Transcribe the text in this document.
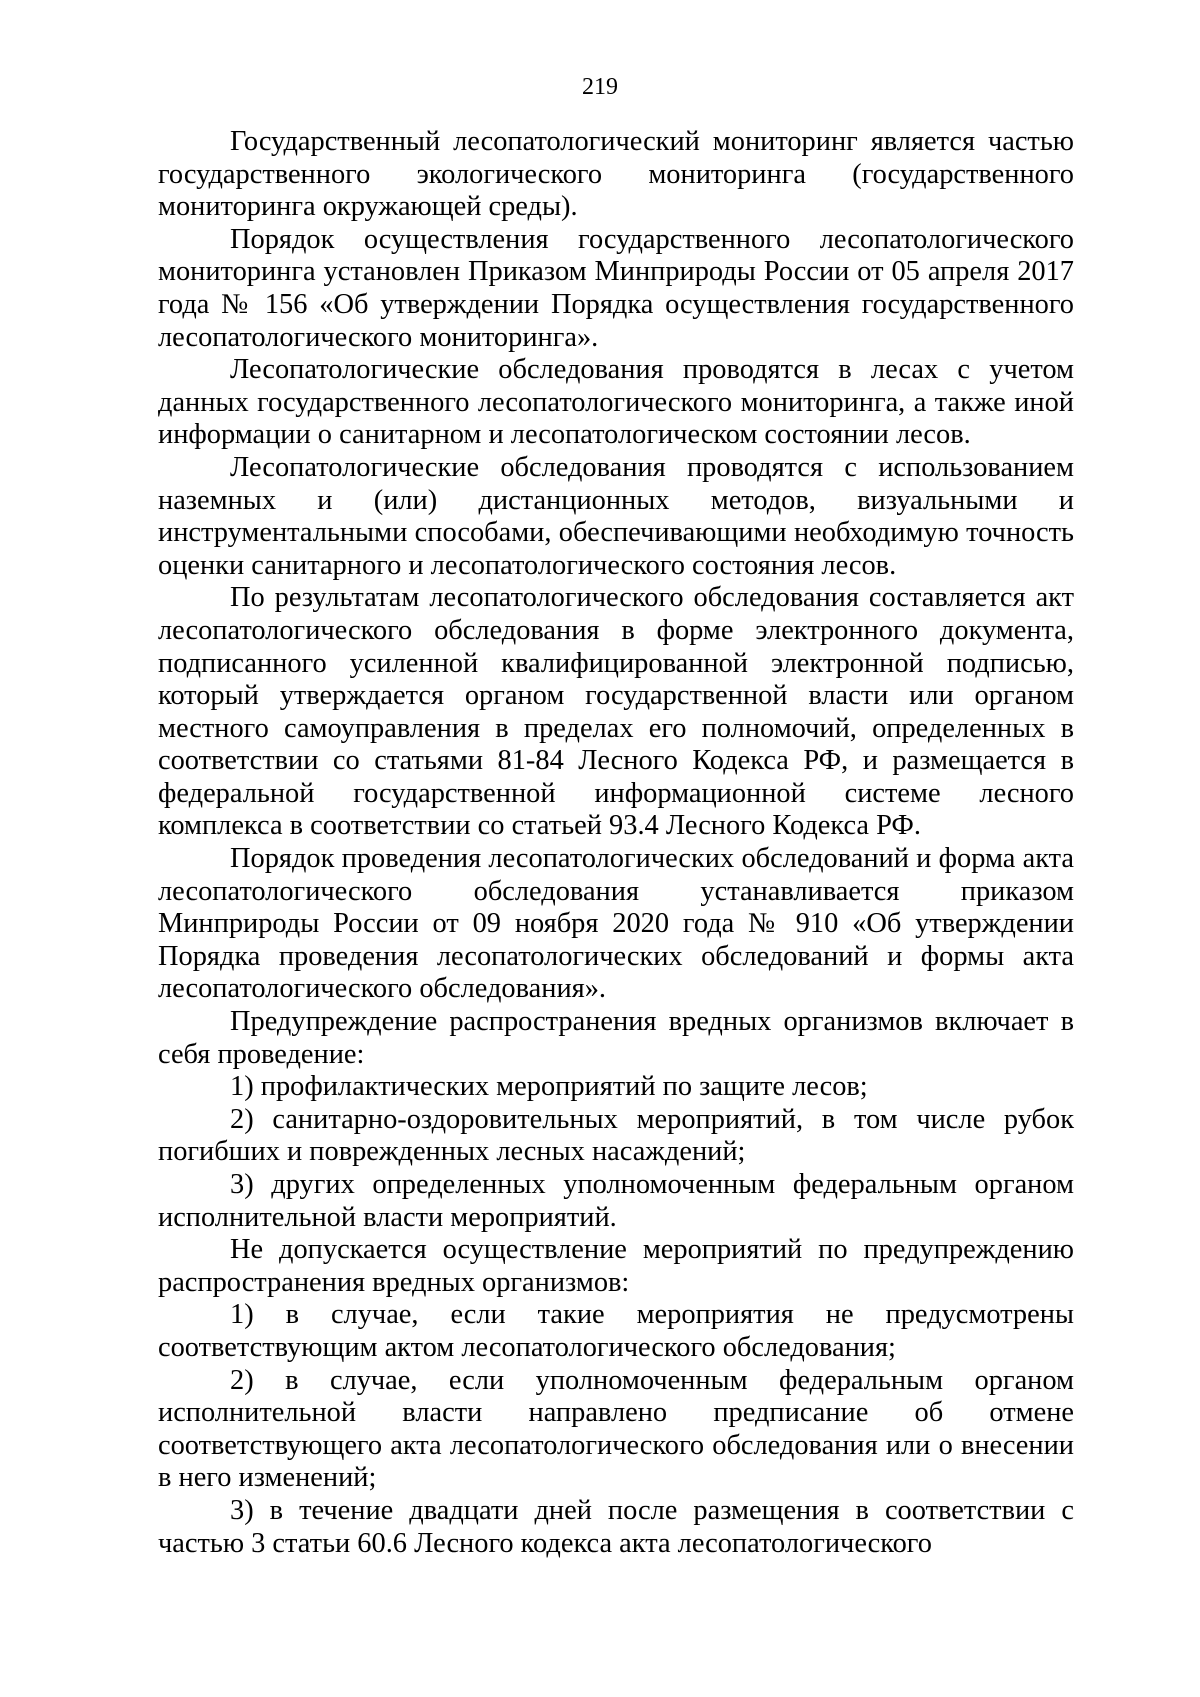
219

Государственный лесопатологический мониторинг является частью государственного экологического мониторинга (государственного мониторинга окружающей среды).

Порядок осуществления государственного лесопатологического мониторинга установлен Приказом Минприроды России от 05 апреля 2017 года № 156 «Об утверждении Порядка осуществления государственного лесопатологического мониторинга».

Лесопатологические обследования проводятся в лесах с учетом данных государственного лесопатологического мониторинга, а также иной информации о санитарном и лесопатологическом состоянии лесов.

Лесопатологические обследования проводятся с использованием наземных и (или) дистанционных методов, визуальными и инструментальными способами, обеспечивающими необходимую точность оценки санитарного и лесопатологического состояния лесов.

По результатам лесопатологического обследования составляется акт лесопатологического обследования в форме электронного документа, подписанного усиленной квалифицированной электронной подписью, который утверждается органом государственной власти или органом местного самоуправления в пределах его полномочий, определенных в соответствии со статьями 81-84 Лесного Кодекса РФ, и размещается в федеральной государственной информационной системе лесного комплекса в соответствии со статьей 93.4 Лесного Кодекса РФ.

Порядок проведения лесопатологических обследований и форма акта лесопатологического обследования устанавливается приказом Минприроды России от 09 ноября 2020 года № 910 «Об утверждении Порядка проведения лесопатологических обследований и формы акта лесопатологического обследования».

Предупреждение распространения вредных организмов включает в себя проведение:

1) профилактических мероприятий по защите лесов;

2) санитарно-оздоровительных мероприятий, в том числе рубок погибших и поврежденных лесных насаждений;

3) других определенных уполномоченным федеральным органом исполнительной власти мероприятий.

Не допускается осуществление мероприятий по предупреждению распространения вредных организмов:

1) в случае, если такие мероприятия не предусмотрены соответствующим актом лесопатологического обследования;

2) в случае, если уполномоченным федеральным органом исполнительной власти направлено предписание об отмене соответствующего акта лесопатологического обследования или о внесении в него изменений;

3) в течение двадцати дней после размещения в соответствии с частью 3 статьи 60.6 Лесного кодекса акта лесопатологического
